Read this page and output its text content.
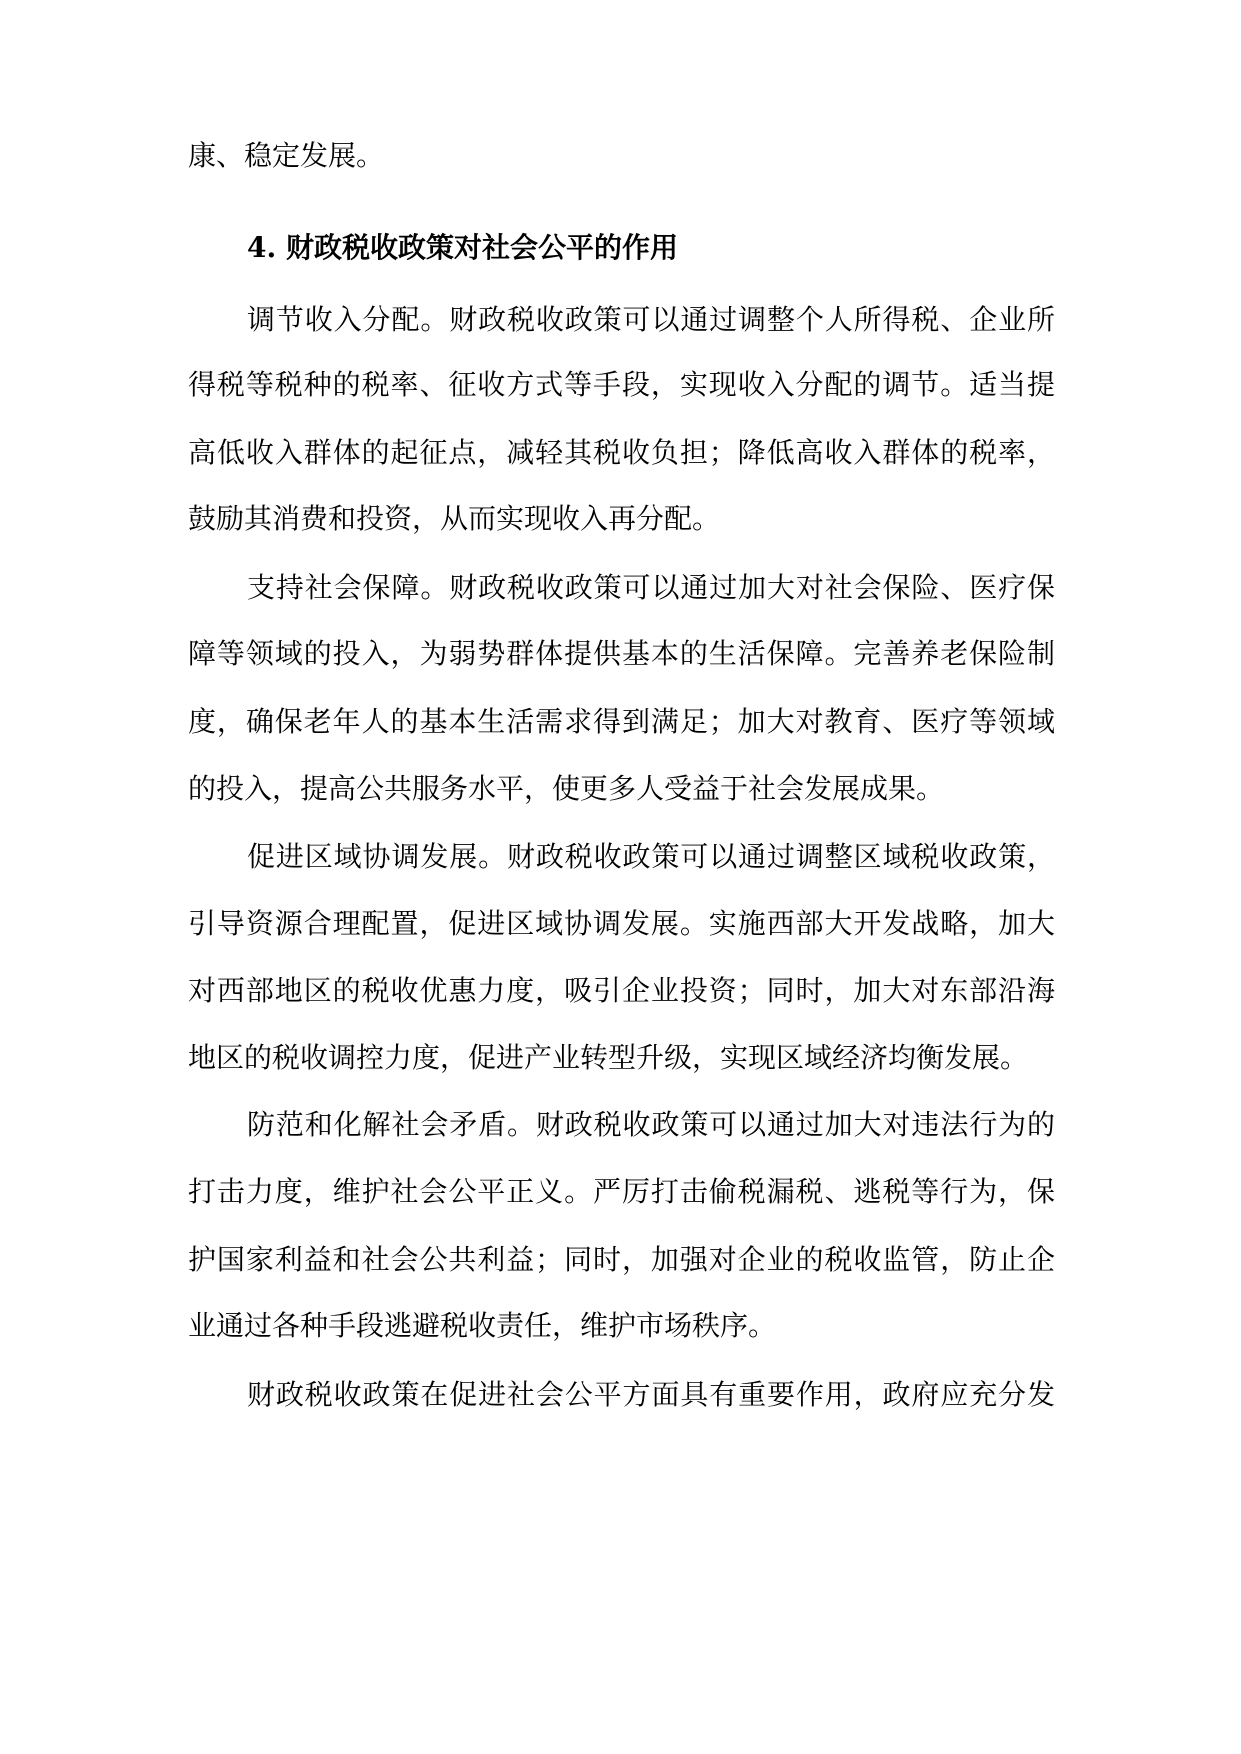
康、稳定发展。
4. 财政税收政策对社会公平的作用
调节收入分配。财政税收政策可以通过调整个人所得税、企业所
得税等税种的税率、征收方式等手段，实现收入分配的调节。适当提
高低收入群体的起征点，减轻其税收负担；降低高收入群体的税率，
鼓励其消费和投资，从而实现收入再分配。
支持社会保障。财政税收政策可以通过加大对社会保险、医疗保
障等领域的投入，为弱势群体提供基本的生活保障。完善养老保险制
度，确保老年人的基本生活需求得到满足；加大对教育、医疗等领域
的投入，提高公共服务水平，使更多人受益于社会发展成果。
促进区域协调发展。财政税收政策可以通过调整区域税收政策，
引导资源合理配置，促进区域协调发展。实施西部大开发战略，加大
对西部地区的税收优惠力度，吸引企业投资；同时，加大对东部沿海
地区的税收调控力度，促进产业转型升级，实现区域经济均衡发展。
防范和化解社会矛盾。财政税收政策可以通过加大对违法行为的
打击力度，维护社会公平正义。严厉打击偷税漏税、逃税等行为，保
护国家利益和社会公共利益；同时，加强对企业的税收监管，防止企
业通过各种手段逃避税收责任，维护市场秩序。
财政税收政策在促进社会公平方面具有重要作用，政府应充分发
